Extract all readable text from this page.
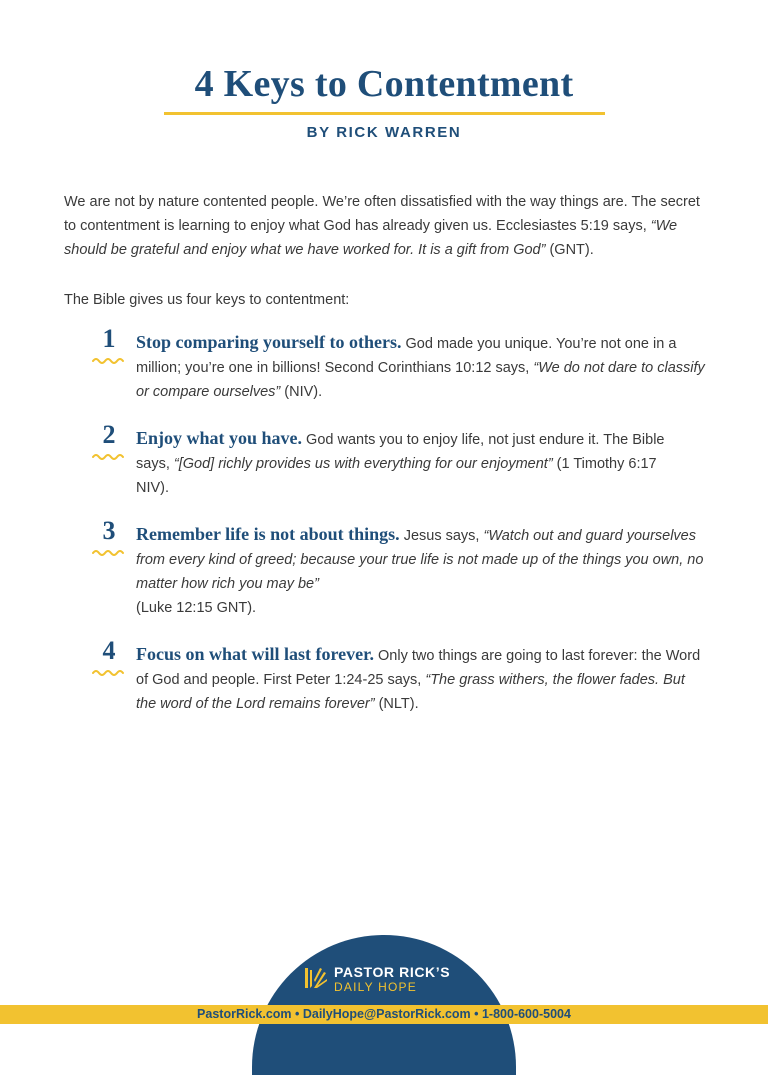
4 Keys to Contentment
BY RICK WARREN

We are not by nature contented people. We’re often dissatisfied with the way things are. The secret to contentment is learning to enjoy what God has already given us. Ecclesiastes 5:19 says, “We should be grateful and enjoy what we have worked for. It is a gift from God” (GNT).

The Bible gives us four keys to contentment:

1	Stop comparing yourself to others. God made you unique. You’re not one in a million; you’re one in billions! Second Corinthians 10:12 says, “We do not dare to classify or compare ourselves” (NIV).

2	Enjoy what you have. God wants you to enjoy life, not just endure it. The Bible says, “[God] richly provides us with everything for our enjoyment” (1 Timothy 6:17 NIV).

3	Remember life is not about things. Jesus says, “Watch out and guard yourselves from every kind of greed; because your true life is not made up of the things you own, no matter how rich you may be”
(Luke 12:15 GNT).

4	Focus on what will last forever. Only two things are going to last forever: the Word of God and people. First Peter 1:24-25 says, “The grass withers, the flower fades. But the word of the Lord remains forever” (NLT).

PastorRick.com • DailyHope@PastorRick.com • 1-800-600-5004
PASTOR RICK’S
DAILY HOPE
